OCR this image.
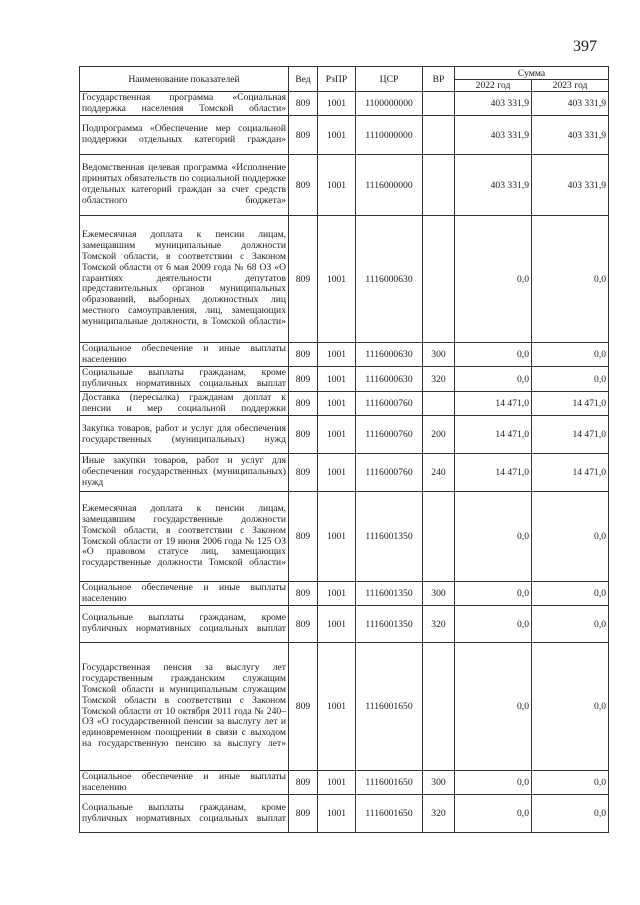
397
Наименование показателей	Вед	РзПР	ЦСР	ВР	Сумма	
					2022 год	2023 год
Государственная программа «Социальная поддержка населения Томской области»	809	1001	1100000000		403 331,9	403 331,9
Подпрограмма «Обеспечение мер социальной поддержки отдельных категорий граждан»	809	1001	1110000000		403 331,9	403 331,9
Ведомственная целевая программа «Исполнение принятых обязательств по социальной поддержке отдельных категорий граждан за счет средств областного бюджета»	809	1001	1116000000		403 331,9	403 331,9
Ежемесячная доплата к пенсии лицам, замещавшим муниципальные должности Томской области, в соответствии с Законом Томской области от 6 мая 2009 года № 68 ОЗ «О гарантиях деятельности депутатов представительных органов муниципальных образований, выборных должностных лиц местного самоуправления, лиц, замещающих муниципальные должности, в Томской области»	809	1001	1116000630		0,0	0,0
Социальное обеспечение и иные выплаты населению	809	1001	1116000630	300	0,0	0,0
Социальные выплаты гражданам, кроме публичных нормативных социальных выплат	809	1001	1116000630	320	0,0	0,0
Доставка (пересылка) гражданам доплат к пенсии и мер социальной поддержки	809	1001	1116000760		14 471,0	14 471,0
Закупка товаров, работ и услуг для обеспечения государственных (муниципальных) нужд	809	1001	1116000760	200	14 471,0	14 471,0
Иные закупки товаров, работ и услуг для обеспечения государственных (муниципальных) нужд	809	1001	1116000760	240	14 471,0	14 471,0
Ежемесячная доплата к пенсии лицам, замещавшим государственные должности Томской области, в соответствии с Законом Томской области от 19 июня 2006 года № 125 ОЗ «О правовом статусе лиц, замещающих государственные должности Томской области»	809	1001	1116001350		0,0	0,0
Социальное обеспечение и иные выплаты населению	809	1001	1116001350	300	0,0	0,0
Социальные выплаты гражданам, кроме публичных нормативных социальных выплат	809	1001	1116001350	320	0,0	0,0
Государственная пенсия за выслугу лет государственным гражданским служащим Томской области и муниципальным служащим Томской области в соответствии с Законом Томской области от 10 октября 2011 года № 240–ОЗ «О государственной пенсии за выслугу лет и единовременном поощрении в связи с выходом на государственную пенсию за выслугу лет»	809	1001	1116001650		0,0	0,0
Социальное обеспечение и иные выплаты населению	809	1001	1116001650	300	0,0	0,0
Социальные выплаты гражданам, кроме публичных нормативных социальных выплат	809	1001	1116001650	320	0,0	0,0
